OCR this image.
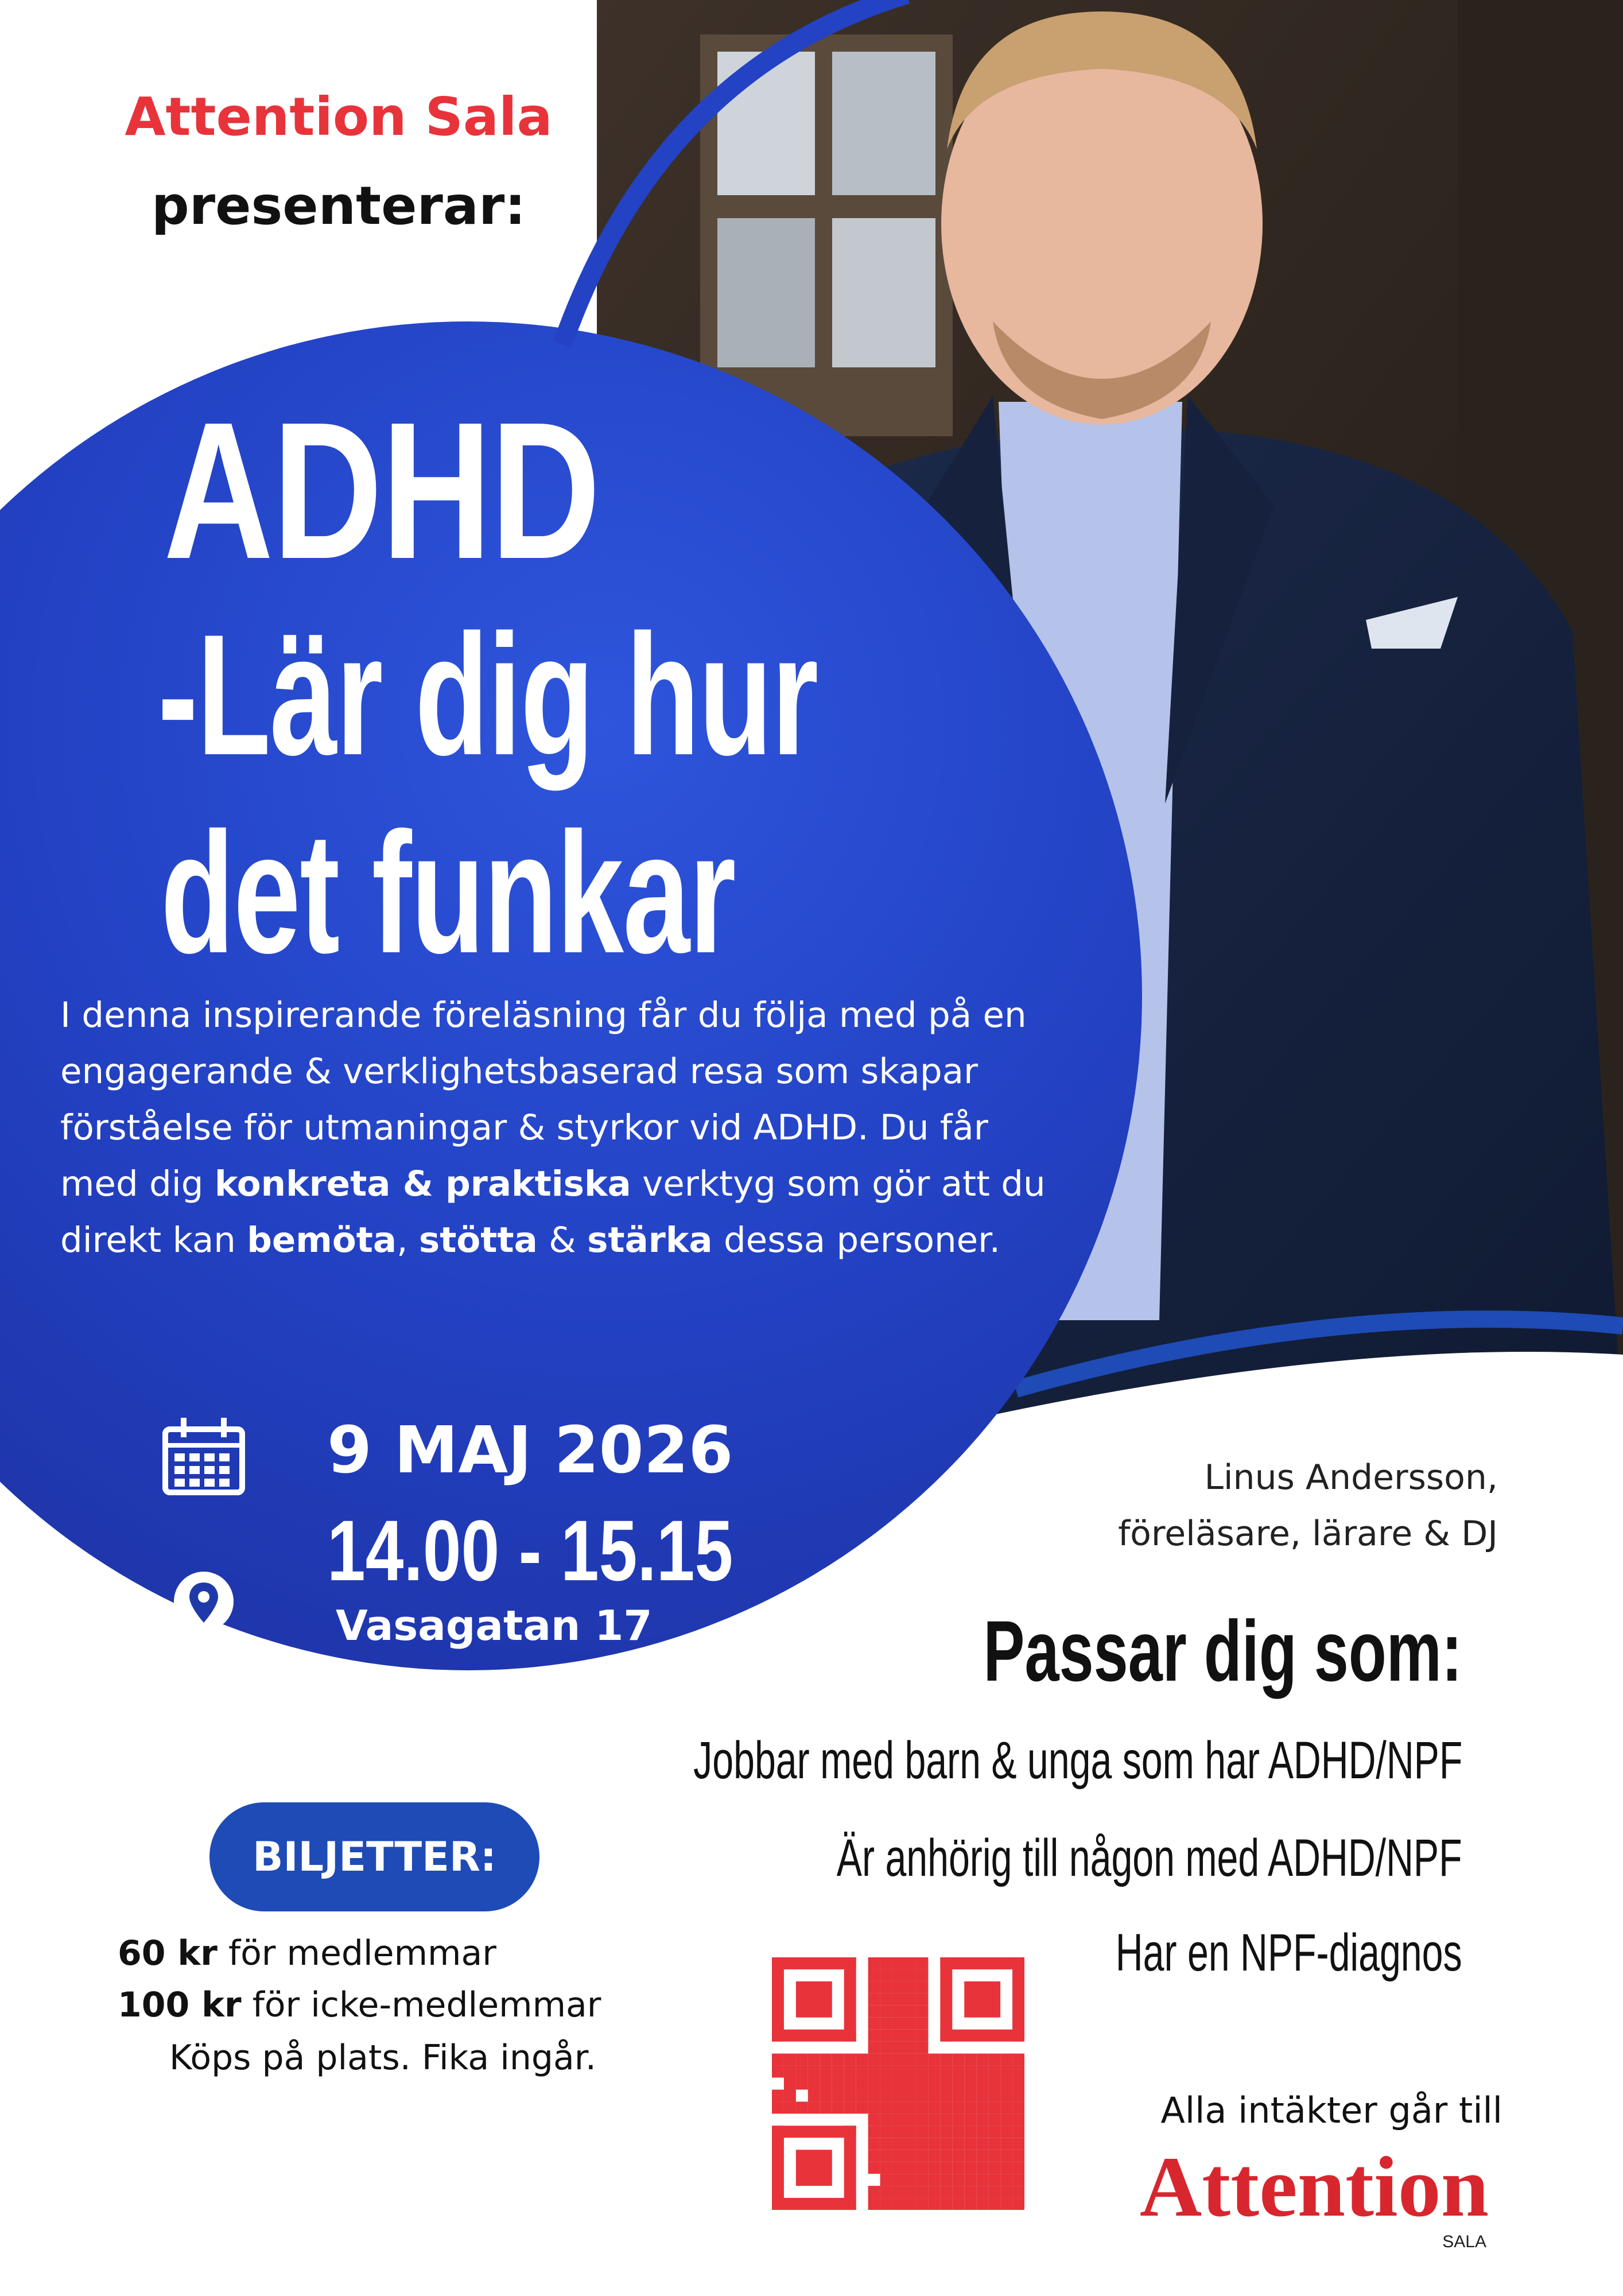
Attention Sala
presenterar:
ADHD
-Lär dig hur
det funkar
I denna inspirerande föreläsning får du följa med på en engagerande & verklighetsbaserad resa som skapar förståelse för utmaningar & styrkor vid ADHD. Du får med dig konkreta & praktiska verktyg som gör att du direkt kan bemöta, stötta & stärka dessa personer.
9 MAJ 2026
14.00 - 15.15
Vasagatan 17
Sala
BILJETTER:
60 kr för medlemmar
100 kr för icke-medlemmar
Köps på plats. Fika ingår.
Linus Andersson,
föreläsare, lärare & DJ
Passar dig som:
Jobbar med barn & unga som har ADHD/NPF
Är anhörig till någon med ADHD/NPF
Har en NPF-diagnos
Alla intäkter går till
Attention
SALA
